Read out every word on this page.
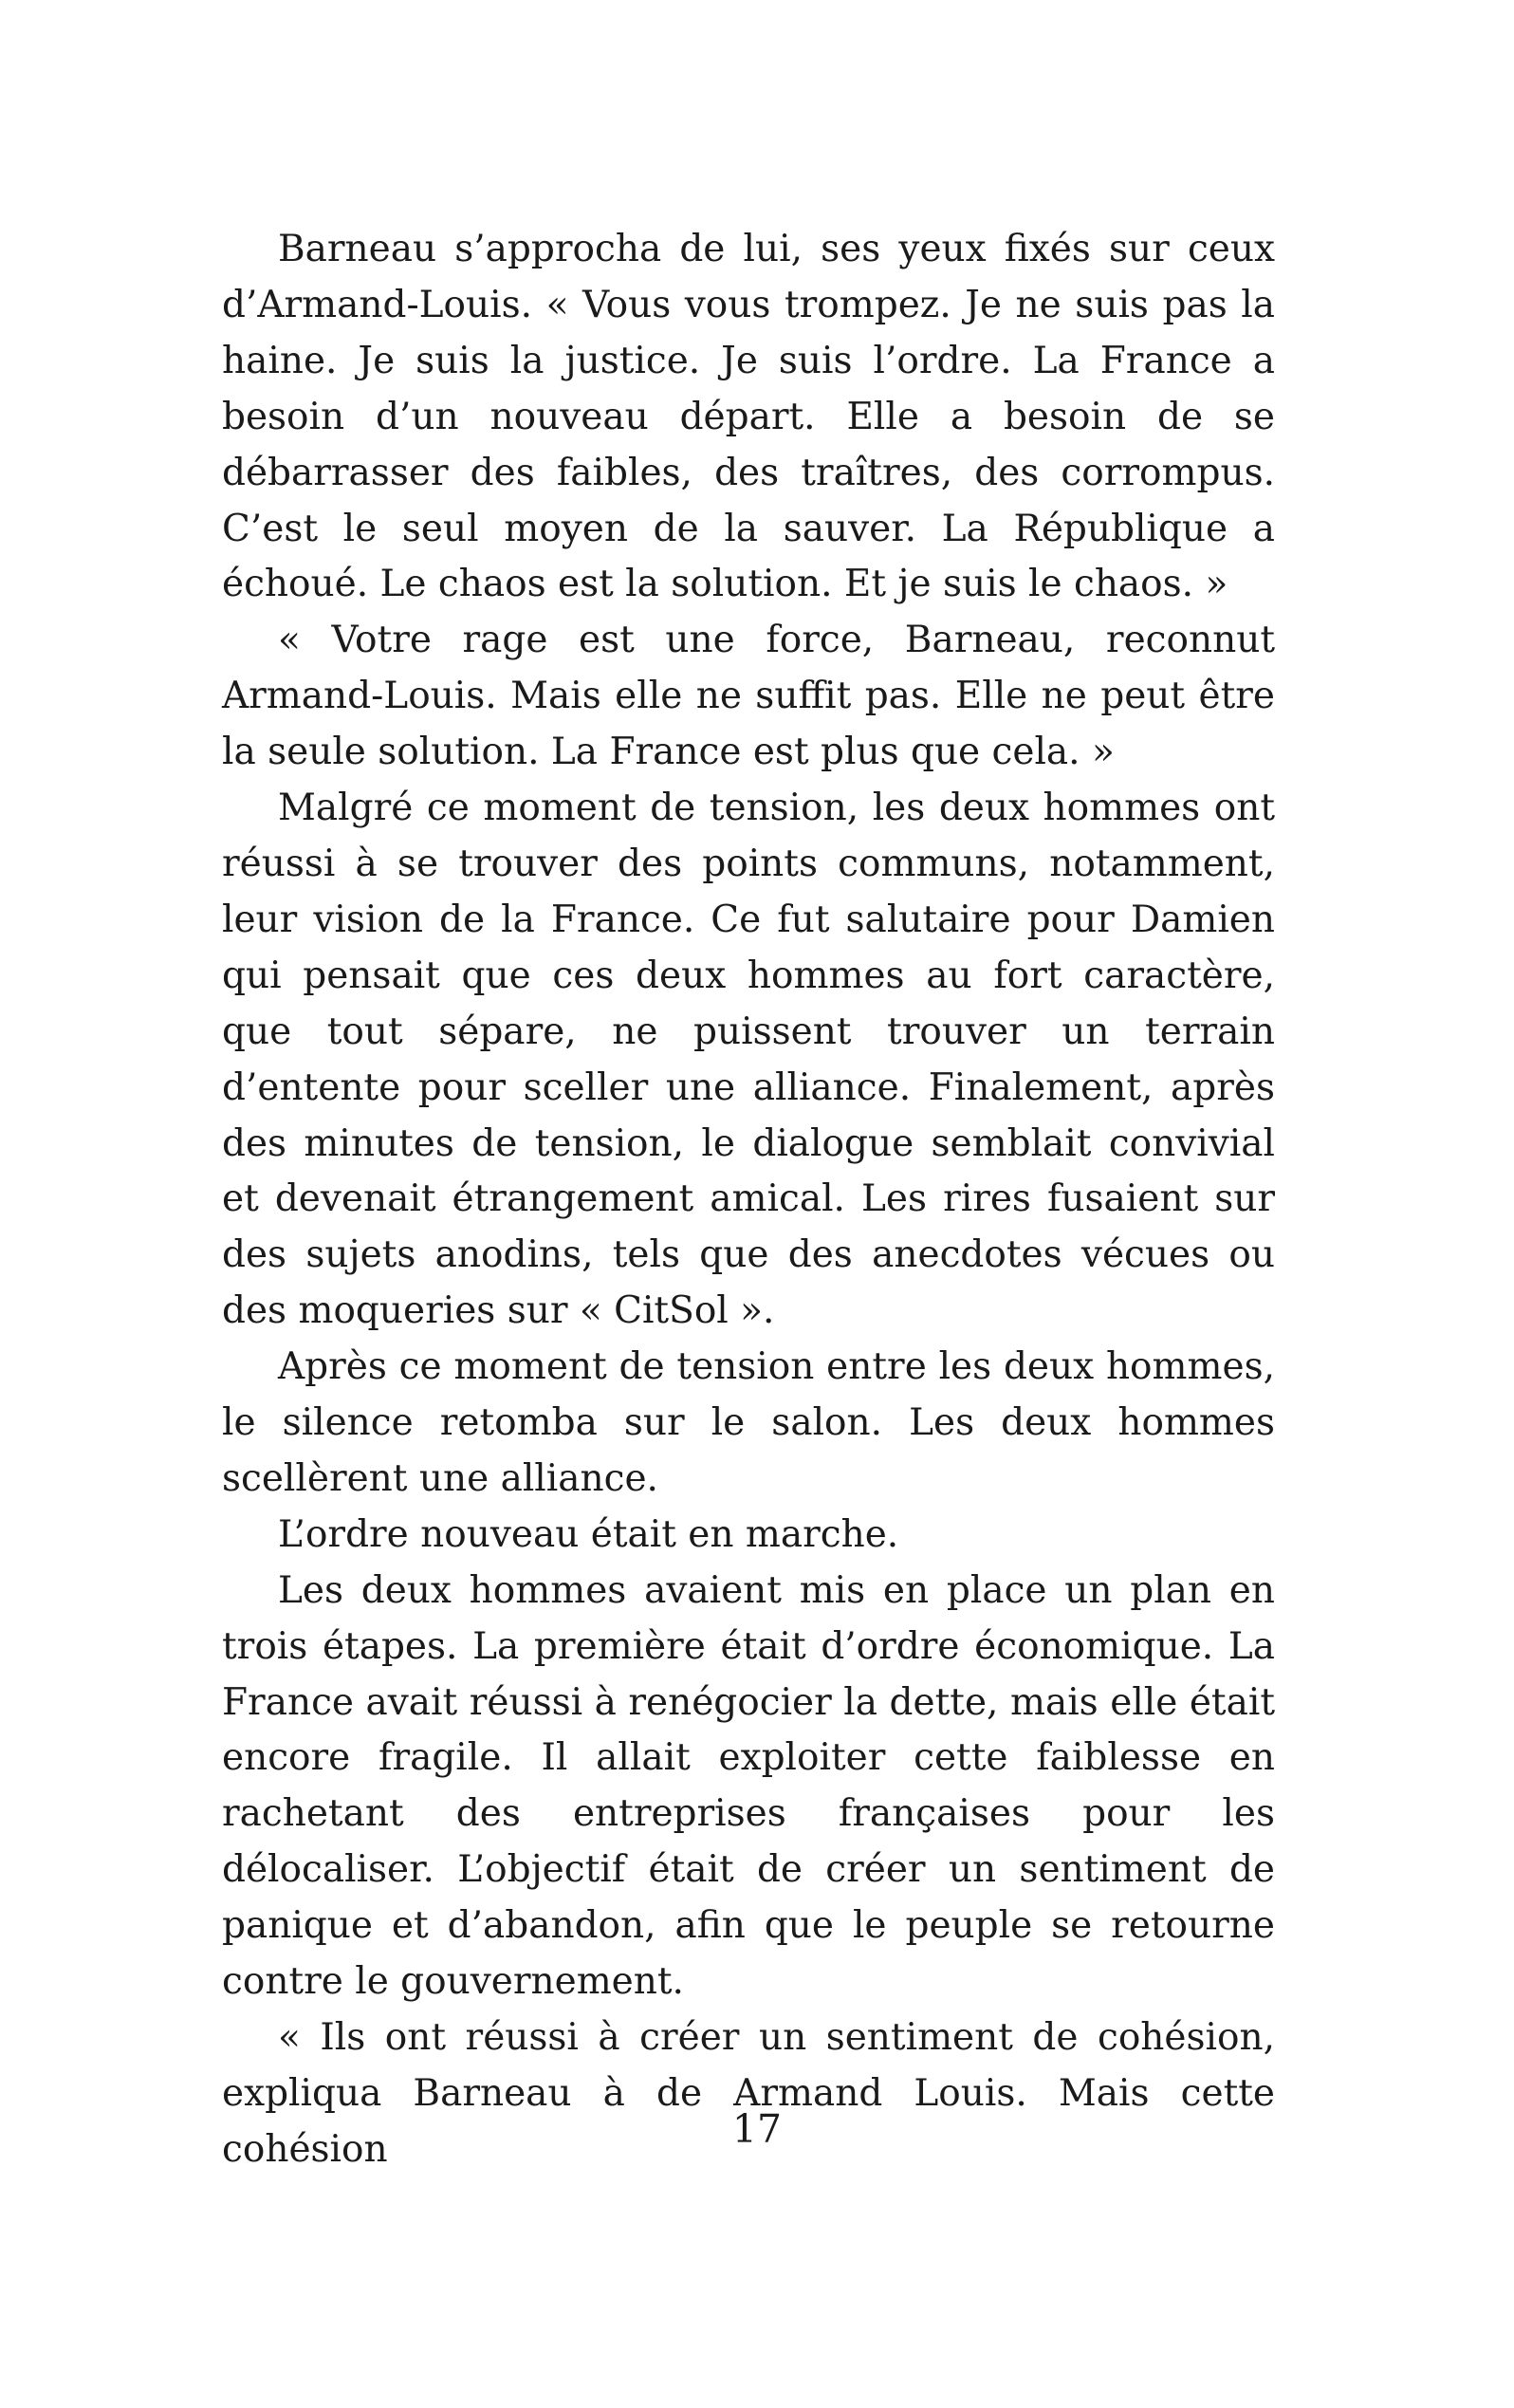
Barneau s’approcha de lui, ses yeux fixés sur ceux d’Armand-Louis. « Vous vous trompez. Je ne suis pas la haine. Je suis la justice. Je suis l’ordre. La France a besoin d’un nouveau départ. Elle a besoin de se débarrasser des faibles, des traîtres, des corrompus. C’est le seul moyen de la sauver. La République a échoué. Le chaos est la solution. Et je suis le chaos. »

« Votre rage est une force, Barneau, reconnut Armand-Louis. Mais elle ne suffit pas. Elle ne peut être la seule solution. La France est plus que cela. »

Malgré ce moment de tension, les deux hommes ont réussi à se trouver des points communs, notamment, leur vision de la France. Ce fut salutaire pour Damien qui pensait que ces deux hommes au fort caractère, que tout sépare, ne puissent trouver un terrain d’entente pour sceller une alliance. Finalement, après des minutes de tension, le dialogue semblait convivial et devenait étrangement amical. Les rires fusaient sur des sujets anodins, tels que des anecdotes vécues ou des moqueries sur « CitSol ».

Après ce moment de tension entre les deux hommes, le silence retomba sur le salon. Les deux hommes scellèrent une alliance.

L’ordre nouveau était en marche.

Les deux hommes avaient mis en place un plan en trois étapes. La première était d’ordre économique. La France avait réussi à renégocier la dette, mais elle était encore fragile. Il allait exploiter cette faiblesse en rachetant des entreprises françaises pour les délocaliser. L’objectif était de créer un sentiment de panique et d’abandon, afin que le peuple se retourne contre le gouvernement.

« Ils ont réussi à créer un sentiment de cohésion, expliqua Barneau à de Armand Louis. Mais cette cohésion	17
